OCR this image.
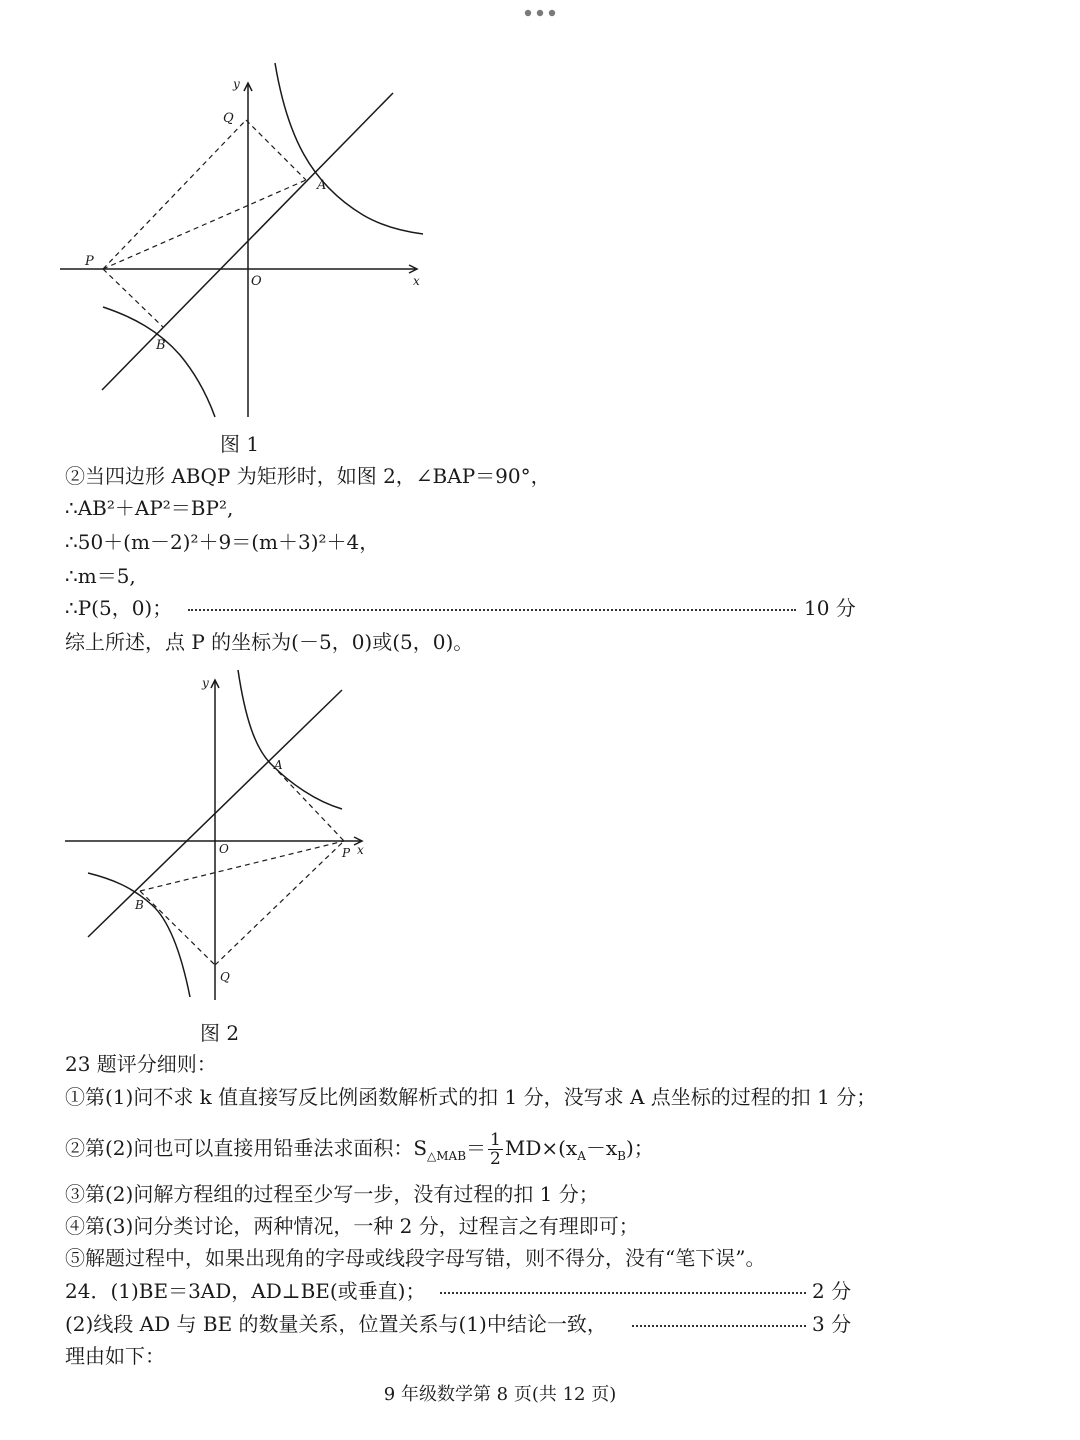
y
x
O
Q
A
P
B
图 1
②当四边形 ABQP 为矩形时，如图 2，∠BAP＝90°，
∴AB²＋AP²＝BP²,
∴50＋(m－2)²＋9＝(m＋3)²＋4，
∴m＝5,
∴P(5，0)；	10 分
综上所述，点 P 的坐标为(－5，0)或(5，0)。
y
x
O
A
P
B
Q
图 2
23 题评分细则：
①第(1)问不求 k 值直接写反比例函数解析式的扣 1 分，没写求 A 点坐标的过程的扣 1 分；
②第(2)问也可以直接用铅垂法求面积：$S_{\triangle MAB}= \frac{1}{2} MD\times(x_A-x_B)$；
③第(2)问解方程组的过程至少写一步，没有过程的扣 1 分；
④第(3)问分类讨论，两种情况，一种 2 分，过程言之有理即可；
⑤解题过程中，如果出现角的字母或线段字母写错，则不得分，没有“笔下误”。
24．(1)BE＝3AD，AD⊥BE(或垂直)；	2 分
(2)线段 AD 与 BE 的数量关系，位置关系与(1)中结论一致，	3 分
理由如下：
9 年级数学第 8 页(共 12 页)
